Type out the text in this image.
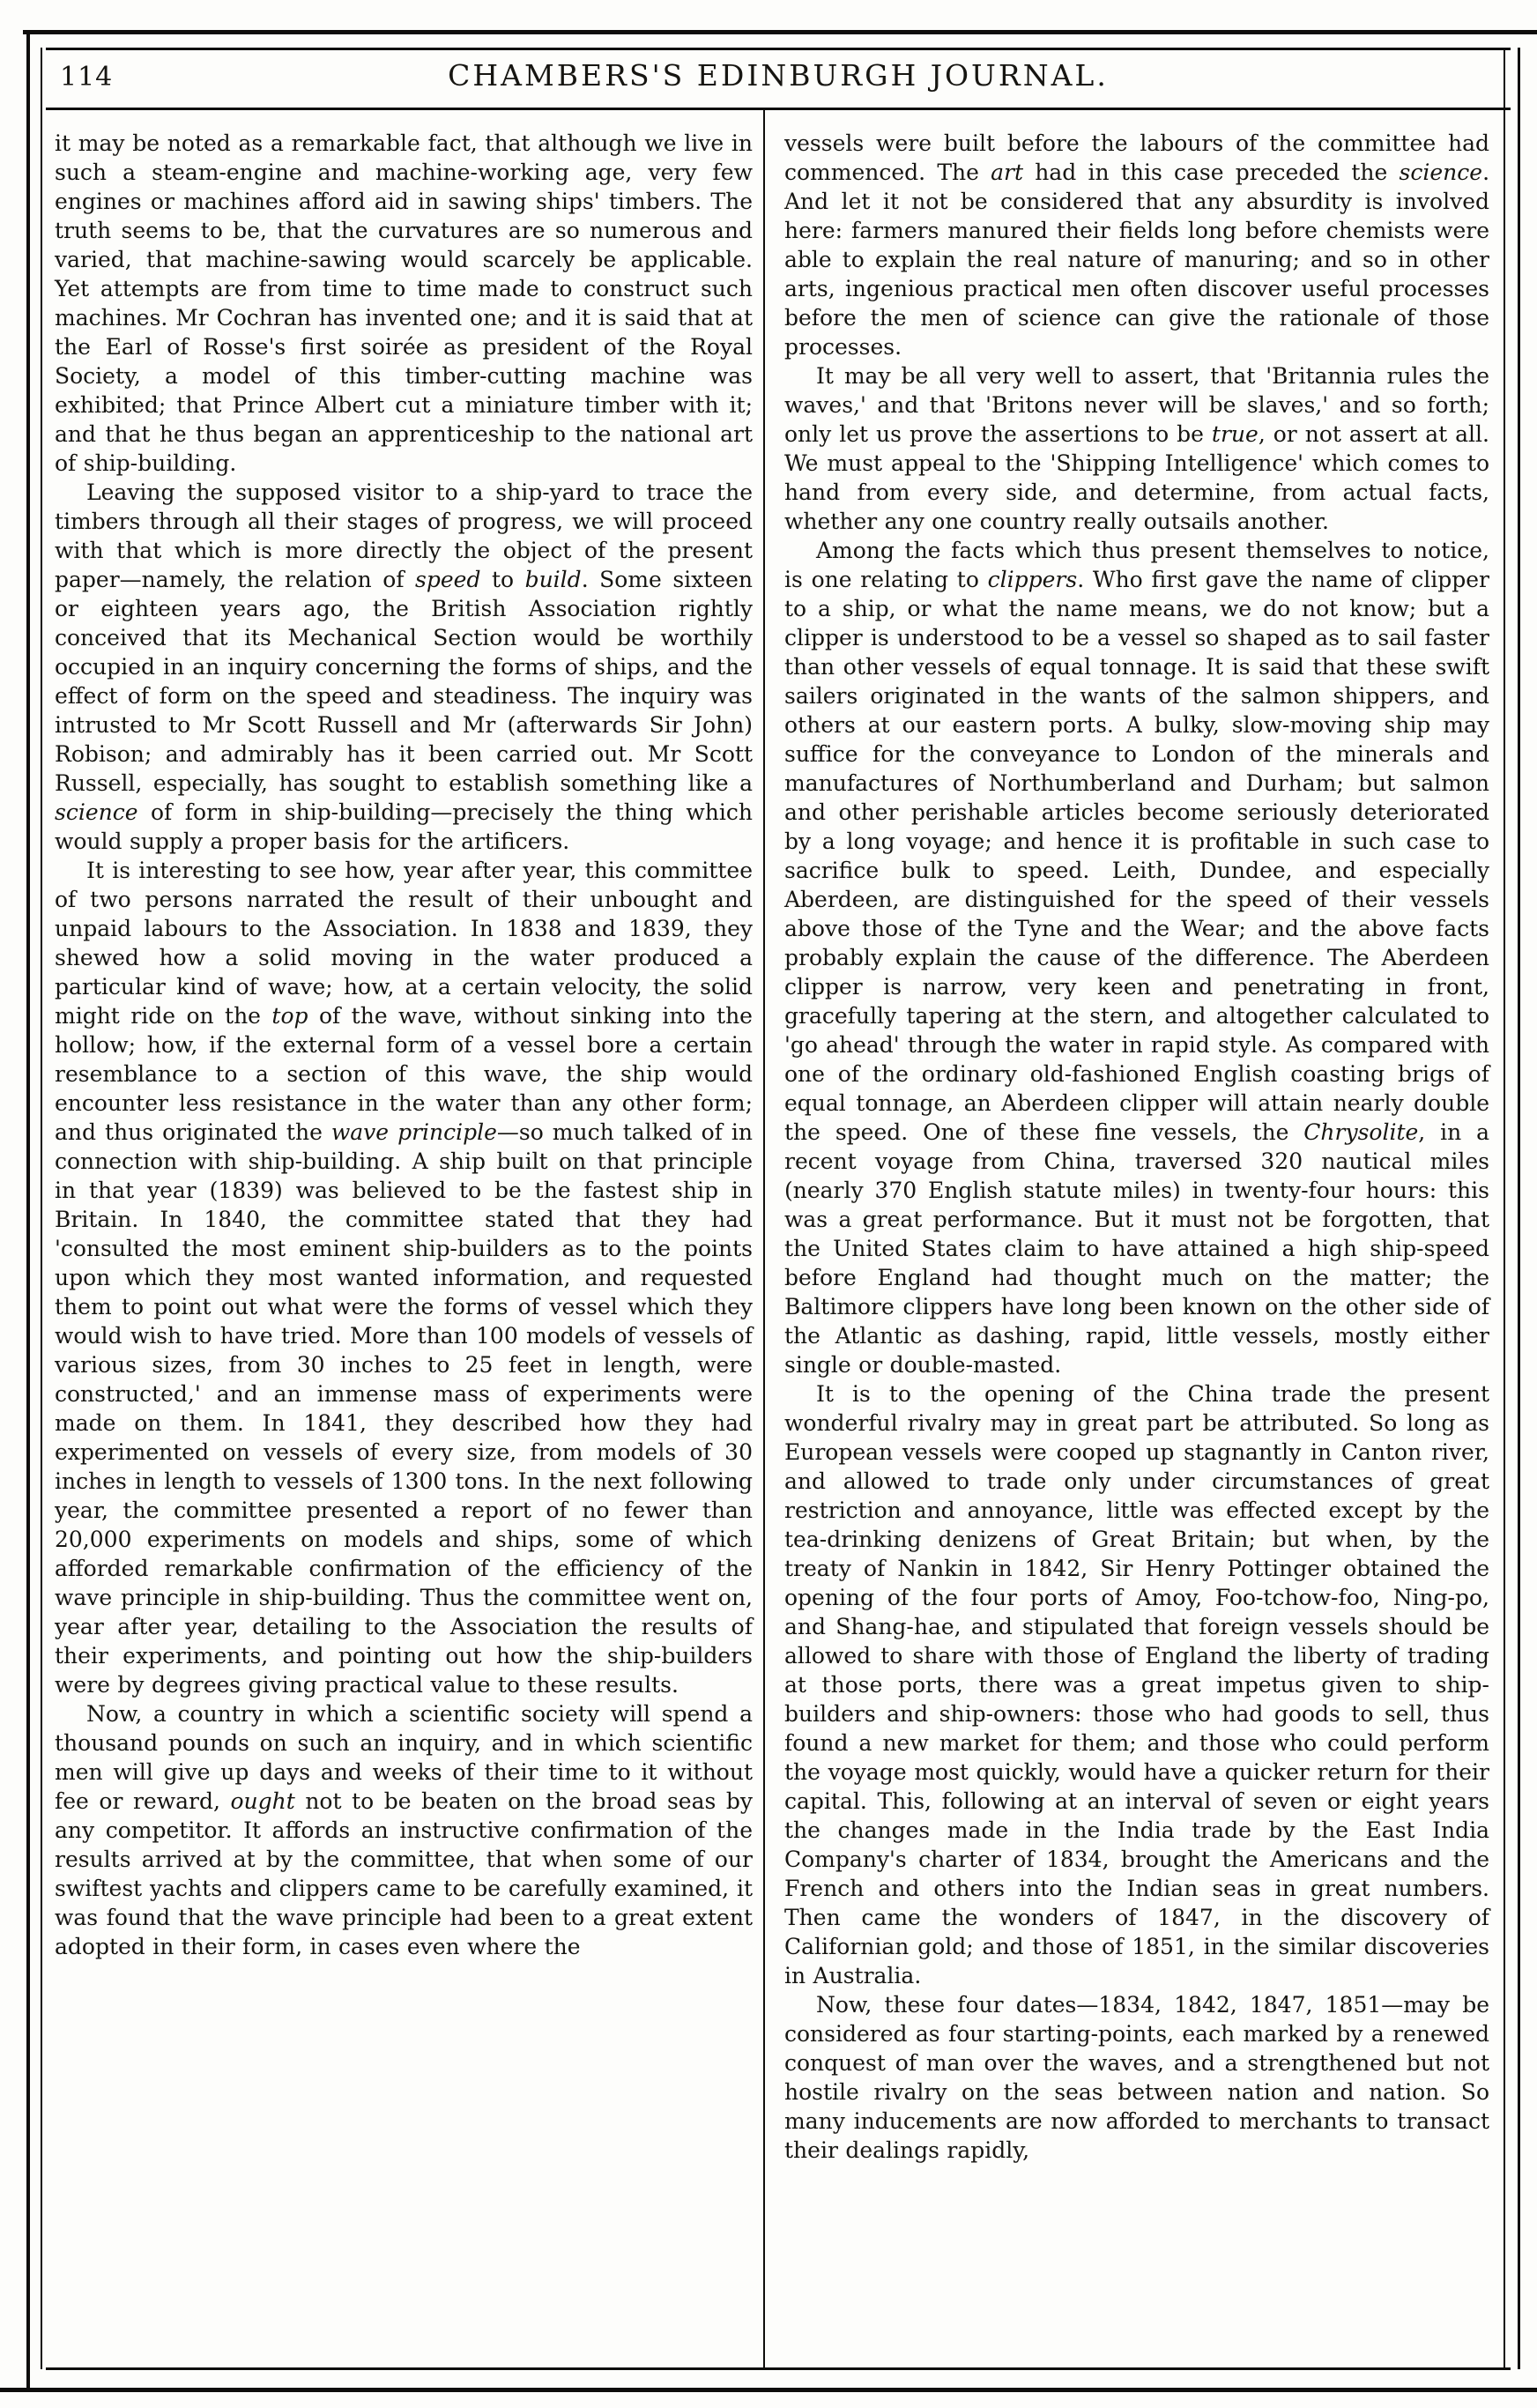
114	CHAMBERS'S EDINBURGH JOURNAL.

it may be noted as a remarkable fact, that although we live in such a steam-engine and machine-working age, very few engines or machines afford aid in sawing ships' timbers. The truth seems to be, that the curvatures are so numerous and varied, that machine-sawing would scarcely be applicable. Yet attempts are from time to time made to construct such machines. Mr Cochran has invented one; and it is said that at the Earl of Rosse's first soirée as president of the Royal Society, a model of this timber-cutting machine was exhibited; that Prince Albert cut a miniature timber with it; and that he thus began an apprenticeship to the national art of ship-building.

Leaving the supposed visitor to a ship-yard to trace the timbers through all their stages of progress, we will proceed with that which is more directly the object of the present paper—namely, the relation of speed to build. Some sixteen or eighteen years ago, the British Association rightly conceived that its Mechanical Section would be worthily occupied in an inquiry concerning the forms of ships, and the effect of form on the speed and steadiness. The inquiry was intrusted to Mr Scott Russell and Mr (afterwards Sir John) Robison; and admirably has it been carried out. Mr Scott Russell, especially, has sought to establish something like a science of form in ship-building—precisely the thing which would supply a proper basis for the artificers.

It is interesting to see how, year after year, this committee of two persons narrated the result of their unbought and unpaid labours to the Association. In 1838 and 1839, they shewed how a solid moving in the water produced a particular kind of wave; how, at a certain velocity, the solid might ride on the top of the wave, without sinking into the hollow; how, if the external form of a vessel bore a certain resemblance to a section of this wave, the ship would encounter less resistance in the water than any other form; and thus originated the wave principle—so much talked of in connection with ship-building. A ship built on that principle in that year (1839) was believed to be the fastest ship in Britain. In 1840, the committee stated that they had 'consulted the most eminent ship-builders as to the points upon which they most wanted information, and requested them to point out what were the forms of vessel which they would wish to have tried. More than 100 models of vessels of various sizes, from 30 inches to 25 feet in length, were constructed,' and an immense mass of experiments were made on them. In 1841, they described how they had experimented on vessels of every size, from models of 30 inches in length to vessels of 1300 tons. In the next following year, the committee presented a report of no fewer than 20,000 experiments on models and ships, some of which afforded remarkable confirmation of the efficiency of the wave principle in ship-building. Thus the committee went on, year after year, detailing to the Association the results of their experiments, and pointing out how the ship-builders were by degrees giving practical value to these results.

Now, a country in which a scientific society will spend a thousand pounds on such an inquiry, and in which scientific men will give up days and weeks of their time to it without fee or reward, ought not to be beaten on the broad seas by any competitor. It affords an instructive confirmation of the results arrived at by the committee, that when some of our swiftest yachts and clippers came to be carefully examined, it was found that the wave principle had been to a great extent adopted in their form, in cases even where the

vessels were built before the labours of the committee had commenced. The art had in this case preceded the science. And let it not be considered that any absurdity is involved here: farmers manured their fields long before chemists were able to explain the real nature of manuring; and so in other arts, ingenious practical men often discover useful processes before the men of science can give the rationale of those processes.

It may be all very well to assert, that 'Britannia rules the waves,' and that 'Britons never will be slaves,' and so forth; only let us prove the assertions to be true, or not assert at all. We must appeal to the 'Shipping Intelligence' which comes to hand from every side, and determine, from actual facts, whether any one country really outsails another.

Among the facts which thus present themselves to notice, is one relating to clippers. Who first gave the name of clipper to a ship, or what the name means, we do not know; but a clipper is understood to be a vessel so shaped as to sail faster than other vessels of equal tonnage. It is said that these swift sailers originated in the wants of the salmon shippers, and others at our eastern ports. A bulky, slow-moving ship may suffice for the conveyance to London of the minerals and manufactures of Northumberland and Durham; but salmon and other perishable articles become seriously deteriorated by a long voyage; and hence it is profitable in such case to sacrifice bulk to speed. Leith, Dundee, and especially Aberdeen, are distinguished for the speed of their vessels above those of the Tyne and the Wear; and the above facts probably explain the cause of the difference. The Aberdeen clipper is narrow, very keen and penetrating in front, gracefully tapering at the stern, and altogether calculated to 'go ahead' through the water in rapid style. As compared with one of the ordinary old-fashioned English coasting brigs of equal tonnage, an Aberdeen clipper will attain nearly double the speed. One of these fine vessels, the Chrysolite, in a recent voyage from China, traversed 320 nautical miles (nearly 370 English statute miles) in twenty-four hours: this was a great performance. But it must not be forgotten, that the United States claim to have attained a high ship-speed before England had thought much on the matter; the Baltimore clippers have long been known on the other side of the Atlantic as dashing, rapid, little vessels, mostly either single or double-masted.

It is to the opening of the China trade the present wonderful rivalry may in great part be attributed. So long as European vessels were cooped up stagnantly in Canton river, and allowed to trade only under circumstances of great restriction and annoyance, little was effected except by the tea-drinking denizens of Great Britain; but when, by the treaty of Nankin in 1842, Sir Henry Pottinger obtained the opening of the four ports of Amoy, Foo-tchow-foo, Ning-po, and Shang-hae, and stipulated that foreign vessels should be allowed to share with those of England the liberty of trading at those ports, there was a great impetus given to ship-builders and ship-owners: those who had goods to sell, thus found a new market for them; and those who could perform the voyage most quickly, would have a quicker return for their capital. This, following at an interval of seven or eight years the changes made in the India trade by the East India Company's charter of 1834, brought the Americans and the French and others into the Indian seas in great numbers. Then came the wonders of 1847, in the discovery of Californian gold; and those of 1851, in the similar discoveries in Australia.

Now, these four dates—1834, 1842, 1847, 1851—may be considered as four starting-points, each marked by a renewed conquest of man over the waves, and a strengthened but not hostile rivalry on the seas between nation and nation. So many inducements are now afforded to merchants to transact their dealings rapidly,
